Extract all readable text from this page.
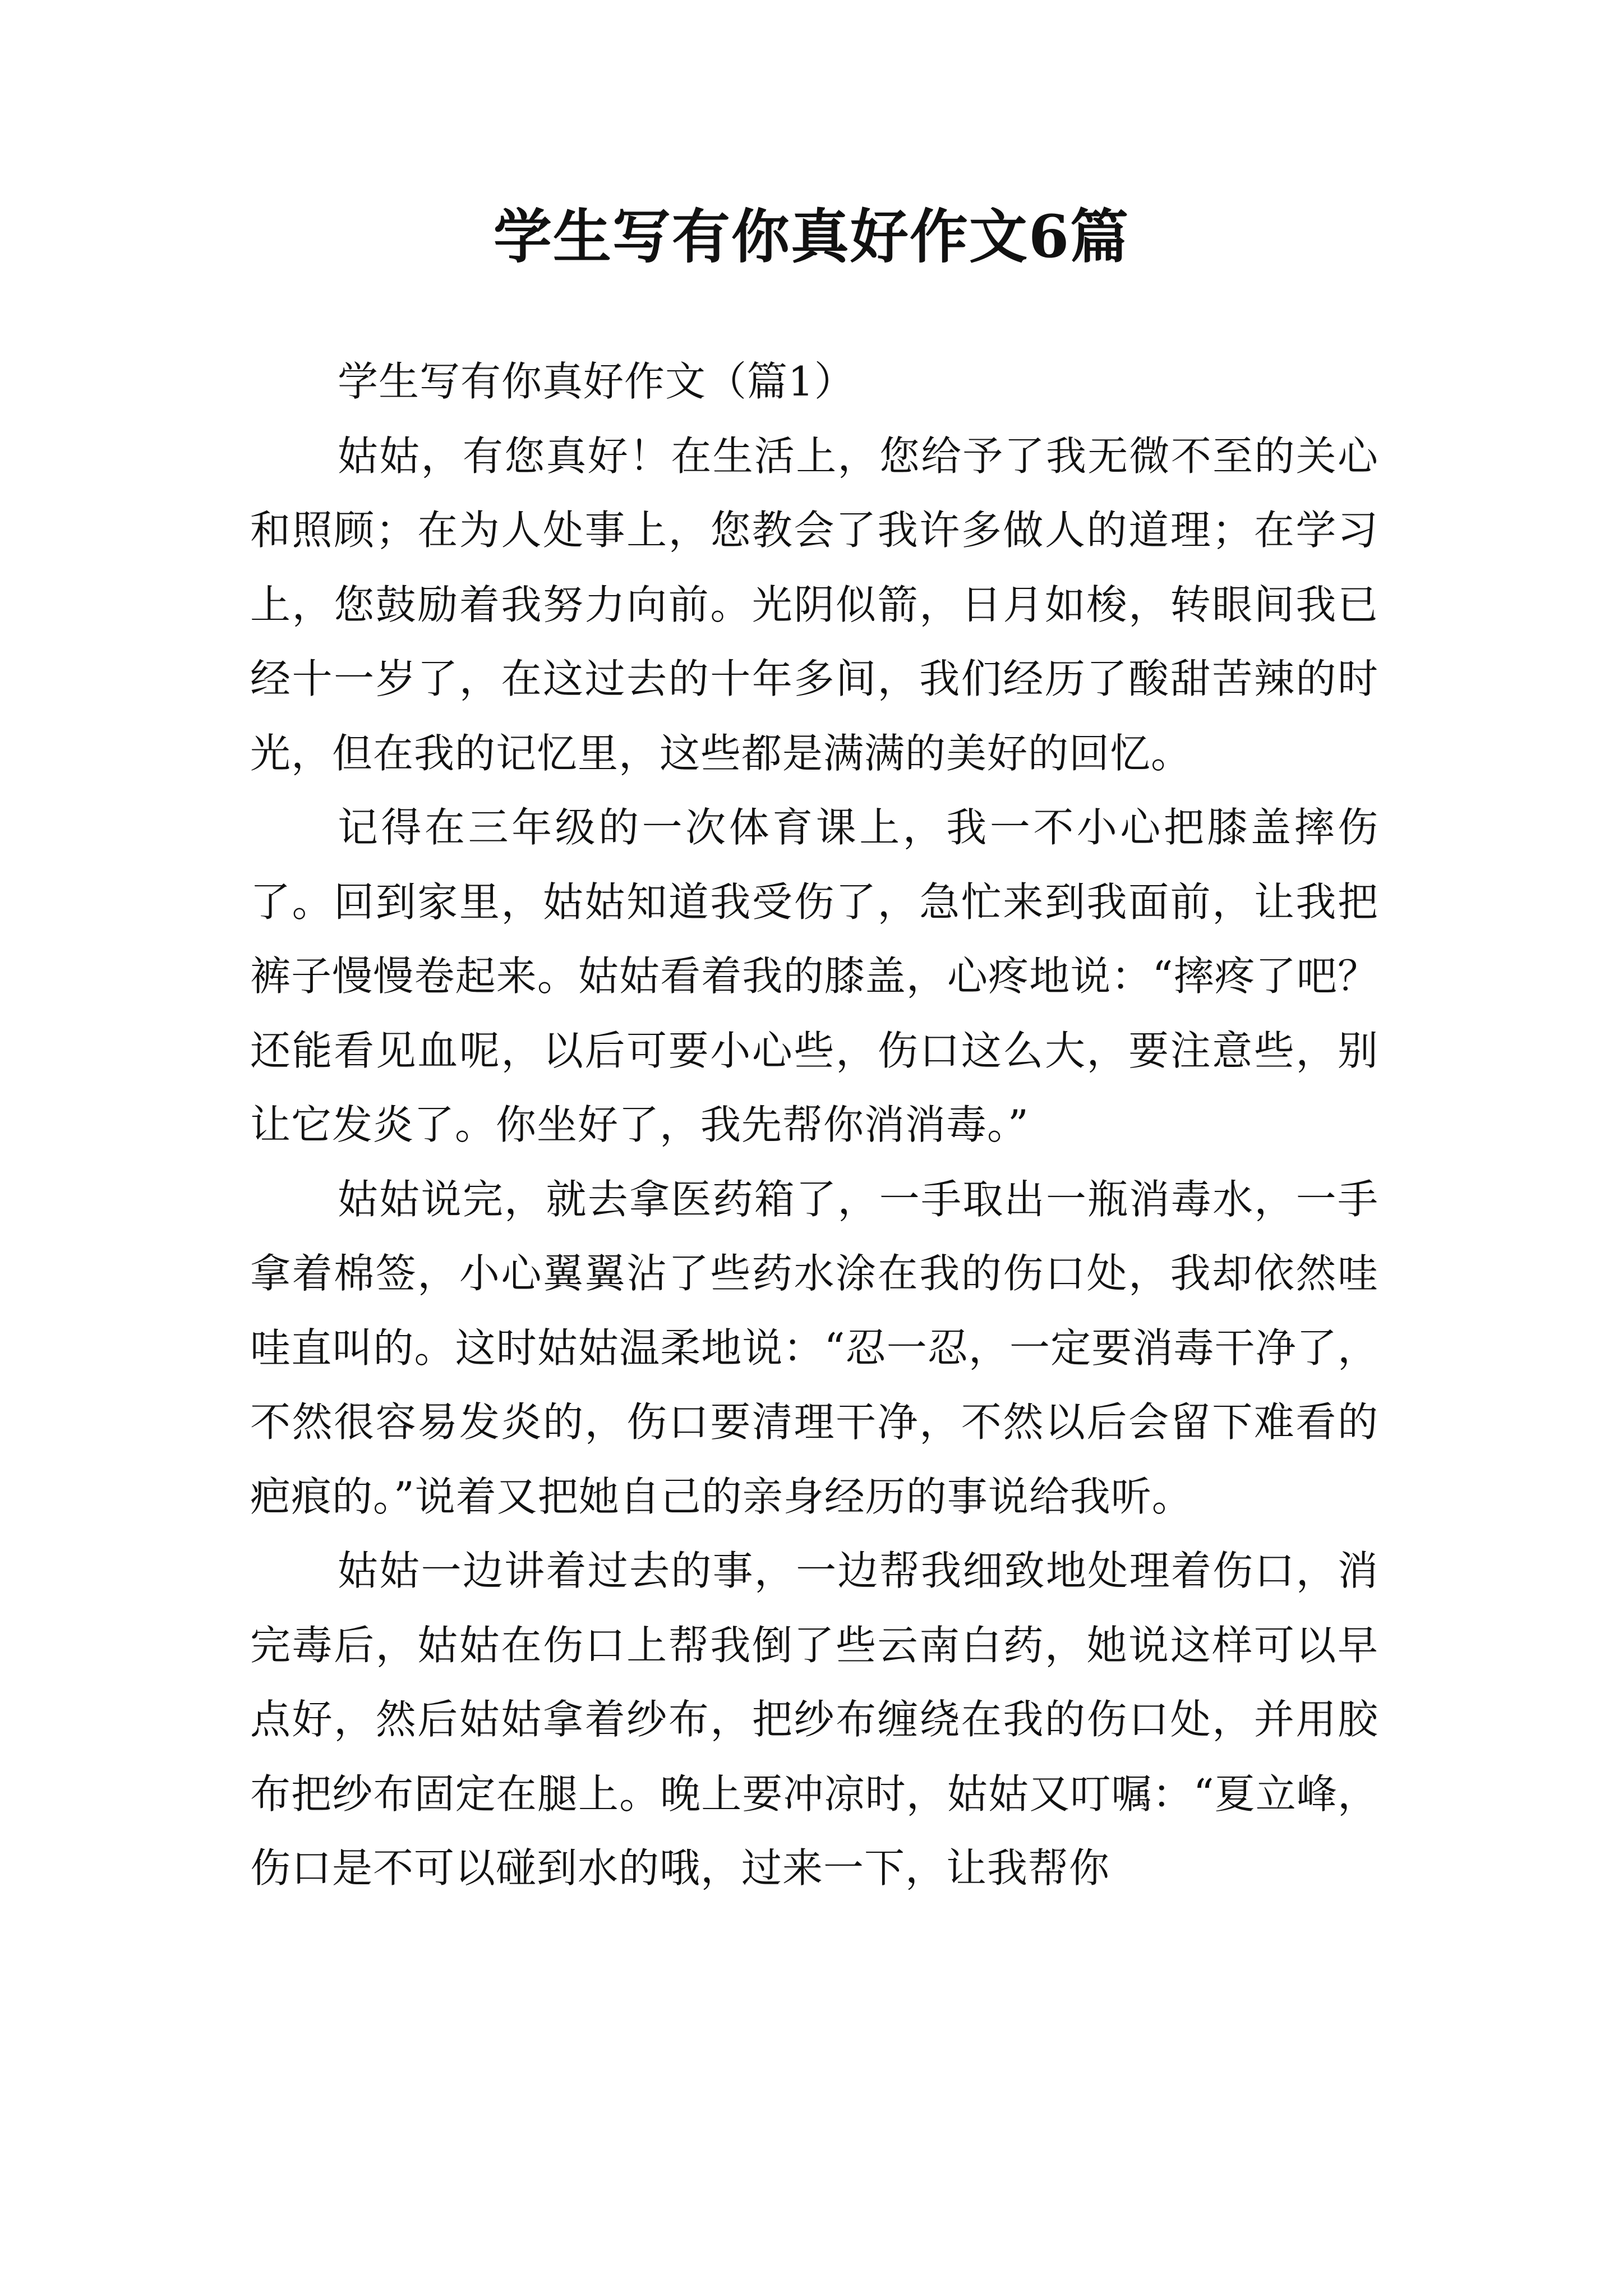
学生写有你真好作文6篇

学生写有你真好作文（篇1）

姑姑，有您真好！在生活上，您给予了我无微不至的关心和照顾；在为人处事上，您教会了我许多做人的道理；在学习上，您鼓励着我努力向前。光阴似箭，日月如梭，转眼间我已经十一岁了，在这过去的十年多间，我们经历了酸甜苦辣的时光，但在我的记忆里，这些都是满满的美好的回忆。

记得在三年级的一次体育课上，我一不小心把膝盖摔伤了。回到家里，姑姑知道我受伤了，急忙来到我面前，让我把裤子慢慢卷起来。姑姑看着我的膝盖，心疼地说：“摔疼了吧？还能看见血呢，以后可要小心些，伤口这么大，要注意些，别让它发炎了。你坐好了，我先帮你消消毒。”

姑姑说完，就去拿医药箱了，一手取出一瓶消毒水，一手拿着棉签，小心翼翼沾了些药水涂在我的伤口处，我却依然哇哇直叫的。这时姑姑温柔地说：“忍一忍，一定要消毒干净了，不然很容易发炎的，伤口要清理干净，不然以后会留下难看的疤痕的。”说着又把她自己的亲身经历的事说给我听。

姑姑一边讲着过去的事，一边帮我细致地处理着伤口，消完毒后，姑姑在伤口上帮我倒了些云南白药，她说这样可以早点好，然后姑姑拿着纱布，把纱布缠绕在我的伤口处，并用胶布把纱布固定在腿上。晚上要冲凉时，姑姑又叮嘱：“夏立峰，伤口是不可以碰到水的哦，过来一下，让我帮你
